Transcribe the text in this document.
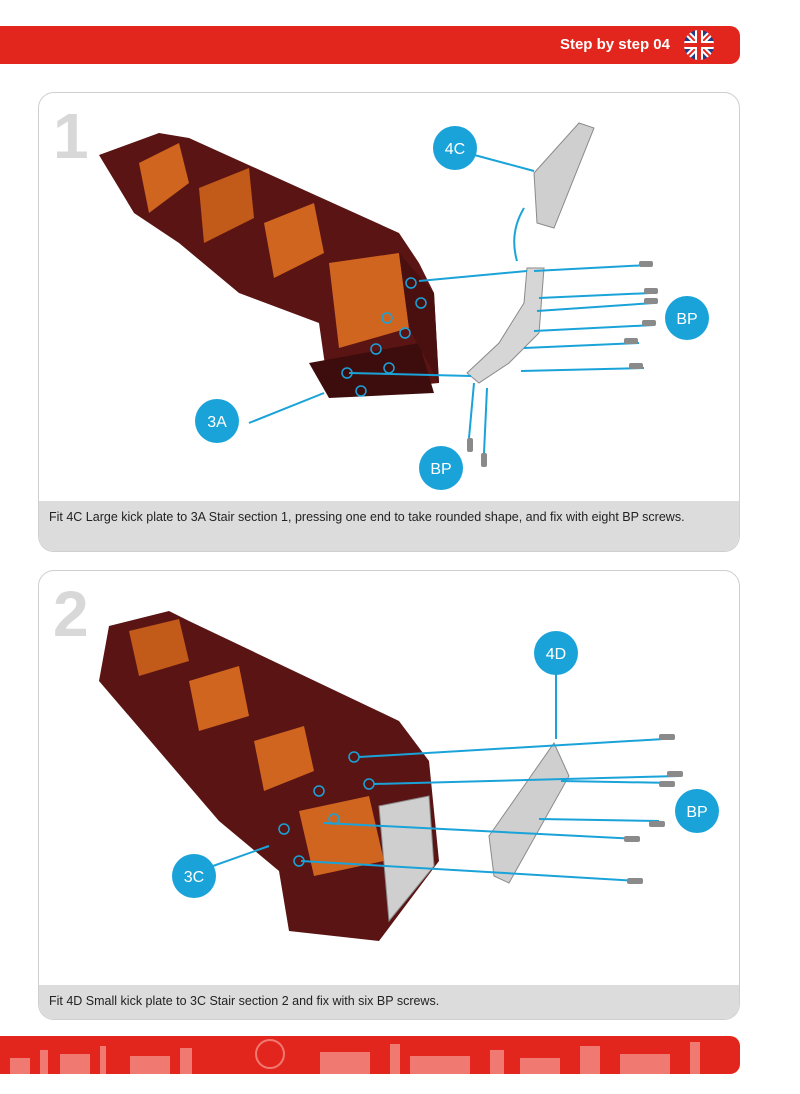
Step by step 04
1	4C
BP
3A
BP
Fit 4C Large kick plate to 3A Stair section 1, pressing one end to take rounded shape, and fix with eight BP screws.
2
4D
BP
3C
Fit 4D Small kick plate to 3C Stair section 2 and fix with six BP screws.
